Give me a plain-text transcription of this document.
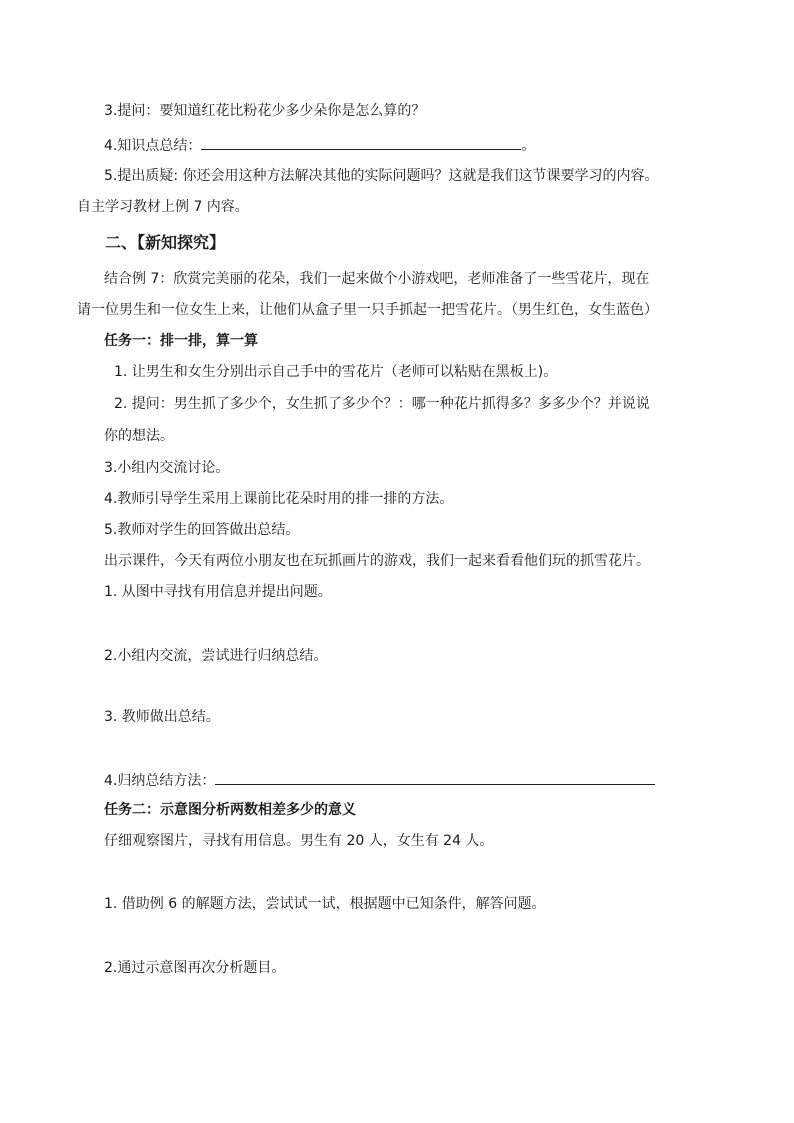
3.提问：要知道红花比粉花少多少朵你是怎么算的？
4.知识点总结：	。
5.提出质疑: 你还会用这种方法解决其他的实际问题吗？这就是我们这节课要学习的内容。
自主学习教材上例 7 内容。
二、【新知探究】
结合例 7：欣赏完美丽的花朵，我们一起来做个小游戏吧，老师准备了一些雪花片，现在
请一位男生和一位女生上来，让他们从盒子里一只手抓起一把雪花片。（男生红色，女生蓝色）
任务一：排一排，算一算
1. 让男生和女生分别出示自己手中的雪花片（老师可以粘贴在黑板上)。
2. 提问：男生抓了多少个，女生抓了多少个？：哪一种花片抓得多？多多少个？并说说
你的想法。
3.小组内交流讨论。
4.教师引导学生采用上课前比花朵时用的排一排的方法。
5.教师对学生的回答做出总结。
出示课件，今天有两位小朋友也在玩抓画片的游戏，我们一起来看看他们玩的抓雪花片。
1. 从图中寻找有用信息并提出问题。
2.小组内交流，尝试进行归纳总结。
3. 教师做出总结。
4.归纳总结方法：
任务二：示意图分析两数相差多少的意义
仔细观察图片，寻找有用信息。男生有 20 人，女生有 24 人。
1. 借助例 6 的解题方法，尝试试一试，根据题中已知条件，解答问题。
2.通过示意图再次分析题目。
